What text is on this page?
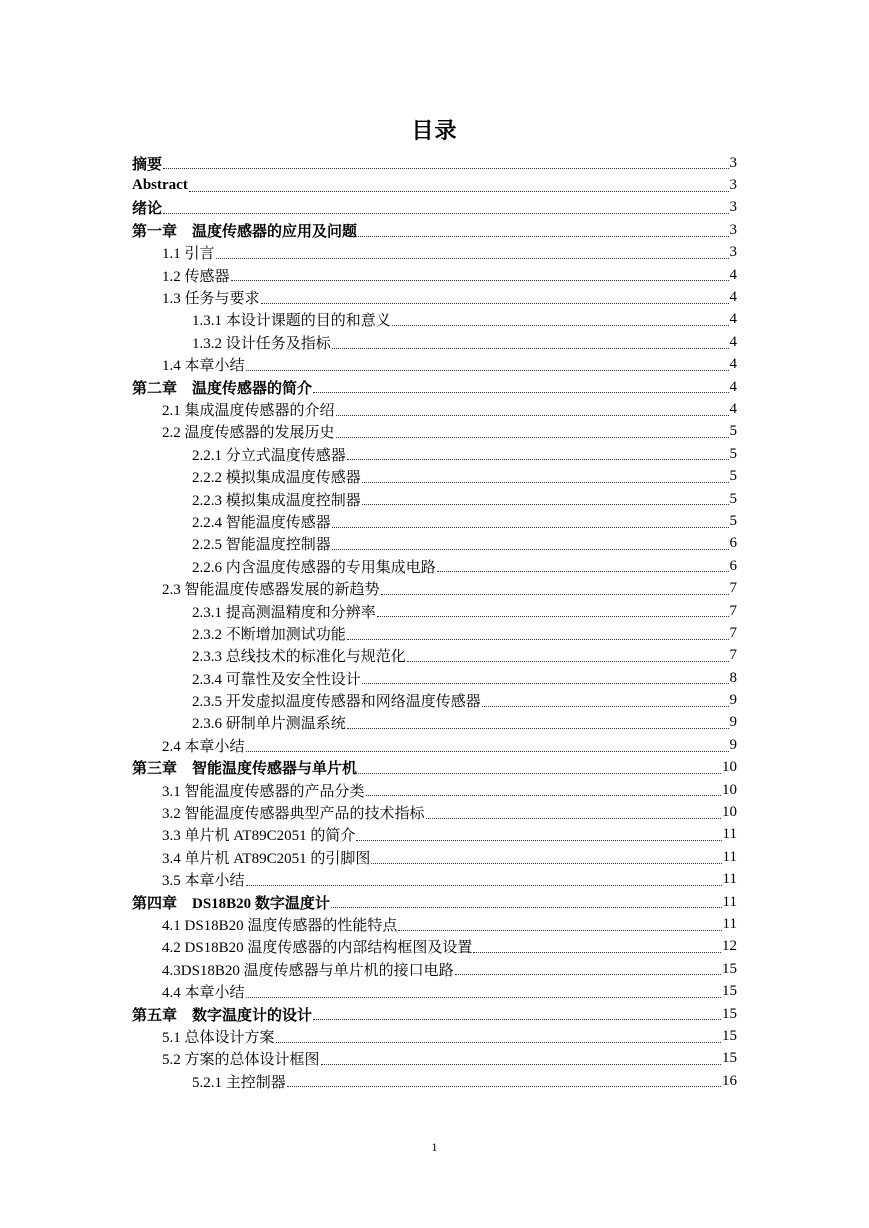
目录
摘要	3
Abstract	3
绪论	3
第一章　温度传感器的应用及问题	3
1.1 引言	3
1.2 传感器	4
1.3 任务与要求	4
1.3.1 本设计课题的目的和意义	4
1.3.2 设计任务及指标	4
1.4 本章小结	4
第二章　温度传感器的简介	4
2.1 集成温度传感器的介绍	4
2.2 温度传感器的发展历史	5
2.2.1 分立式温度传感器	5
2.2.2 模拟集成温度传感器	5
2.2.3 模拟集成温度控制器	5
2.2.4 智能温度传感器	5
2.2.5 智能温度控制器	6
2.2.6 内含温度传感器的专用集成电路	6
2.3 智能温度传感器发展的新趋势	7
2.3.1 提高测温精度和分辨率	7
2.3.2 不断增加测试功能	7
2.3.3 总线技术的标准化与规范化	7
2.3.4 可靠性及安全性设计	8
2.3.5 开发虚拟温度传感器和网络温度传感器	9
2.3.6 研制单片测温系统	9
2.4 本章小结	9
第三章　智能温度传感器与单片机	10
3.1 智能温度传感器的产品分类	10
3.2 智能温度传感器典型产品的技术指标	10
3.3 单片机 AT89C2051 的简介	11
3.4 单片机 AT89C2051 的引脚图	11
3.5 本章小结	11
第四章　DS18B20 数字温度计	11
4.1 DS18B20 温度传感器的性能特点	11
4.2 DS18B20 温度传感器的内部结构框图及设置	12
4.3DS18B20 温度传感器与单片机的接口电路	15
4.4 本章小结	15
第五章　数字温度计的设计	15
5.1 总体设计方案	15
5.2 方案的总体设计框图	15
5.2.1 主控制器	16
1
